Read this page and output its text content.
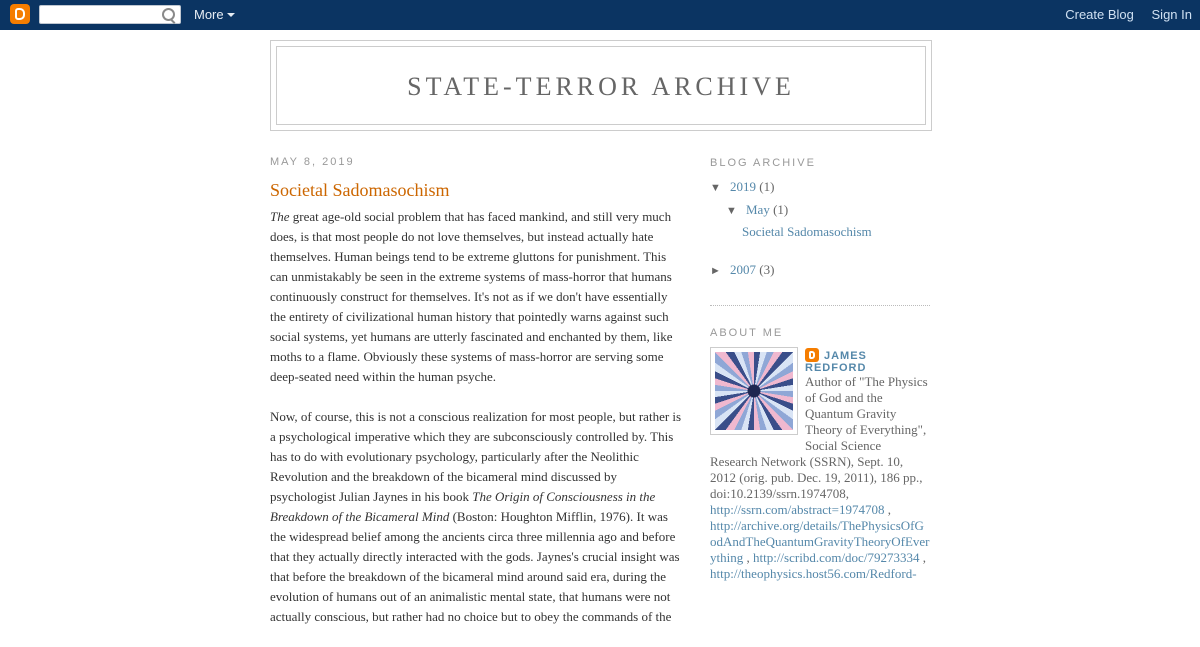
More	Create Blog Sign In
STATE-TERROR ARCHIVE
MAY 8, 2019
Societal Sadomasochism

The great age-old social problem that has faced mankind, and still very much does, is that most people do not love themselves, but instead actually hate themselves. Human beings tend to be extreme gluttons for punishment. This can unmistakably be seen in the extreme systems of mass-horror that humans continuously construct for themselves. It's not as if we don't have essentially the entirety of civilizational human history that pointedly warns against such social systems, yet humans are utterly fascinated and enchanted by them, like moths to a flame. Obviously these systems of mass-horror are serving some deep-seated need within the human psyche.

Now, of course, this is not a conscious realization for most people, but rather is a psychological imperative which they are subconsciously controlled by. This has to do with evolutionary psychology, particularly after the Neolithic Revolution and the breakdown of the bicameral mind discussed by psychologist Julian Jaynes in his book The Origin of Consciousness in the Breakdown of the Bicameral Mind (Boston: Houghton Mifflin, 1976). It was the widespread belief among the ancients circa three millennia ago and before that they actually directly interacted with the gods. Jaynes's crucial insight was that before the breakdown of the bicameral mind around said era, during the evolution of humans out of an animalistic mental state, that humans were not actually conscious, but rather had no choice but to obey the commands of the

BLOG ARCHIVE
▼ 2019 (1)
▼ May (1)
Societal Sadomasochism
► 2007 (3)
ABOUT ME
JAMES REDFORD
Author of "The Physics of God and the Quantum Gravity Theory of Everything", Social Science Research Network (SSRN), Sept. 10, 2012 (orig. pub. Dec. 19, 2011), 186 pp., doi:10.2139/ssrn.1974708,
http://ssrn.com/abstract=1974708 ,
http://archive.org/details/ThePhysicsOfGodAndTheQuantumGravityTheoryOfEverything , http://scribd.com/doc/79273334 ,
http://theophysics.host56.com/Redford-
